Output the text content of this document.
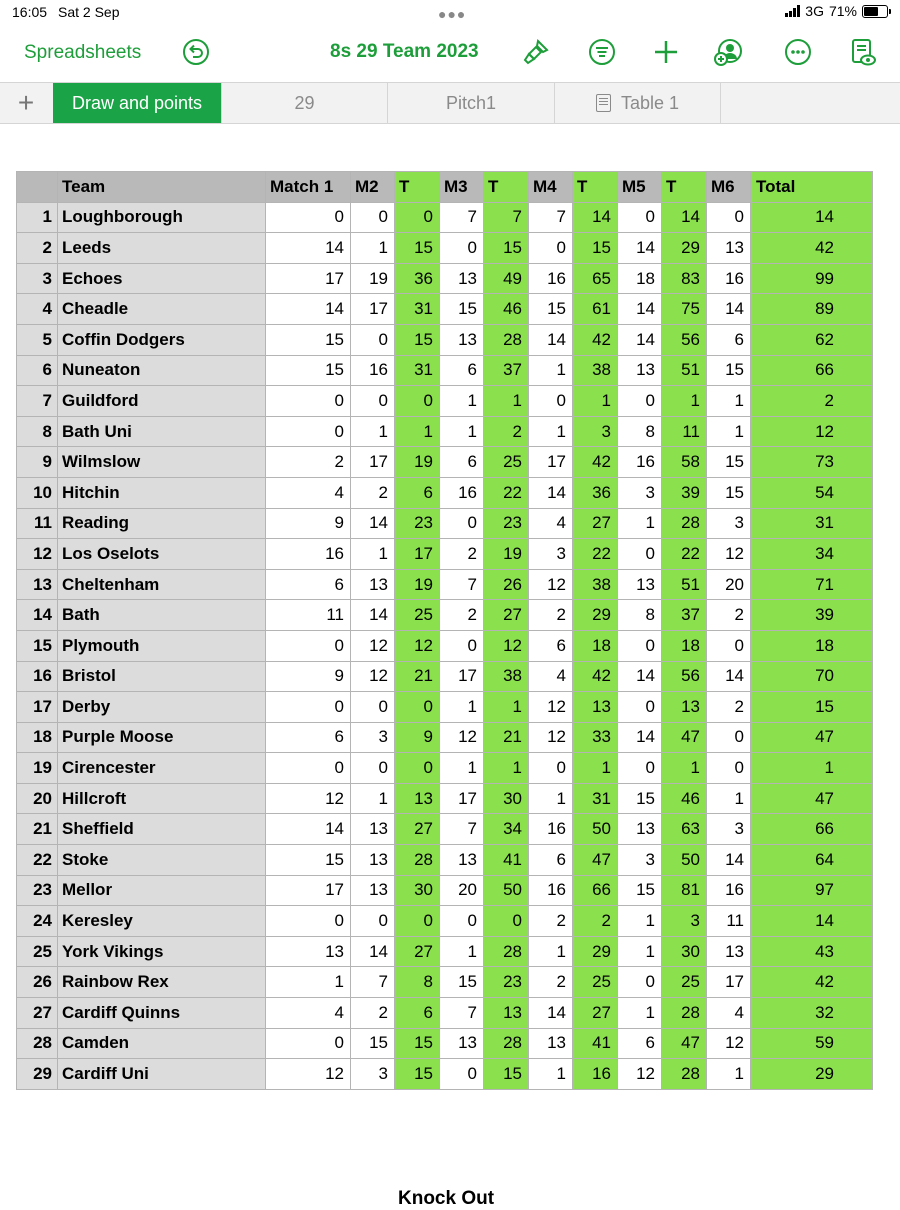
16:05 Sat 2 Sep	●●●	3G 71%
Spreadsheets	8s 29 Team 2023
+	Draw and points	29	Pitch1	Table 1
	Team	Match 1	M2	T	M3	T	M4	T	M5	T	M6	Total
1	Loughborough	0	0	0	7	7	7	14	0	14	0	14
2	Leeds	14	1	15	0	15	0	15	14	29	13	42
3	Echoes	17	19	36	13	49	16	65	18	83	16	99
4	Cheadle	14	17	31	15	46	15	61	14	75	14	89
5	Coffin Dodgers	15	0	15	13	28	14	42	14	56	6	62
6	Nuneaton	15	16	31	6	37	1	38	13	51	15	66
7	Guildford	0	0	0	1	1	0	1	0	1	1	2
8	Bath Uni	0	1	1	1	2	1	3	8	11	1	12
9	Wilmslow	2	17	19	6	25	17	42	16	58	15	73
10	Hitchin	4	2	6	16	22	14	36	3	39	15	54
11	Reading	9	14	23	0	23	4	27	1	28	3	31
12	Los Oselots	16	1	17	2	19	3	22	0	22	12	34
13	Cheltenham	6	13	19	7	26	12	38	13	51	20	71
14	Bath	11	14	25	2	27	2	29	8	37	2	39
15	Plymouth	0	12	12	0	12	6	18	0	18	0	18
16	Bristol	9	12	21	17	38	4	42	14	56	14	70
17	Derby	0	0	0	1	1	12	13	0	13	2	15
18	Purple Moose	6	3	9	12	21	12	33	14	47	0	47
19	Cirencester	0	0	0	1	1	0	1	0	1	0	1
20	Hillcroft	12	1	13	17	30	1	31	15	46	1	47
21	Sheffield	14	13	27	7	34	16	50	13	63	3	66
22	Stoke	15	13	28	13	41	6	47	3	50	14	64
23	Mellor	17	13	30	20	50	16	66	15	81	16	97
24	Keresley	0	0	0	0	0	2	2	1	3	11	14
25	York Vikings	13	14	27	1	28	1	29	1	30	13	43
26	Rainbow Rex	1	7	8	15	23	2	25	0	25	17	42
27	Cardiff Quinns	4	2	6	7	13	14	27	1	28	4	32
28	Camden	0	15	15	13	28	13	41	6	47	12	59
29	Cardiff Uni	12	3	15	0	15	1	16	12	28	1	29
Knock Out
